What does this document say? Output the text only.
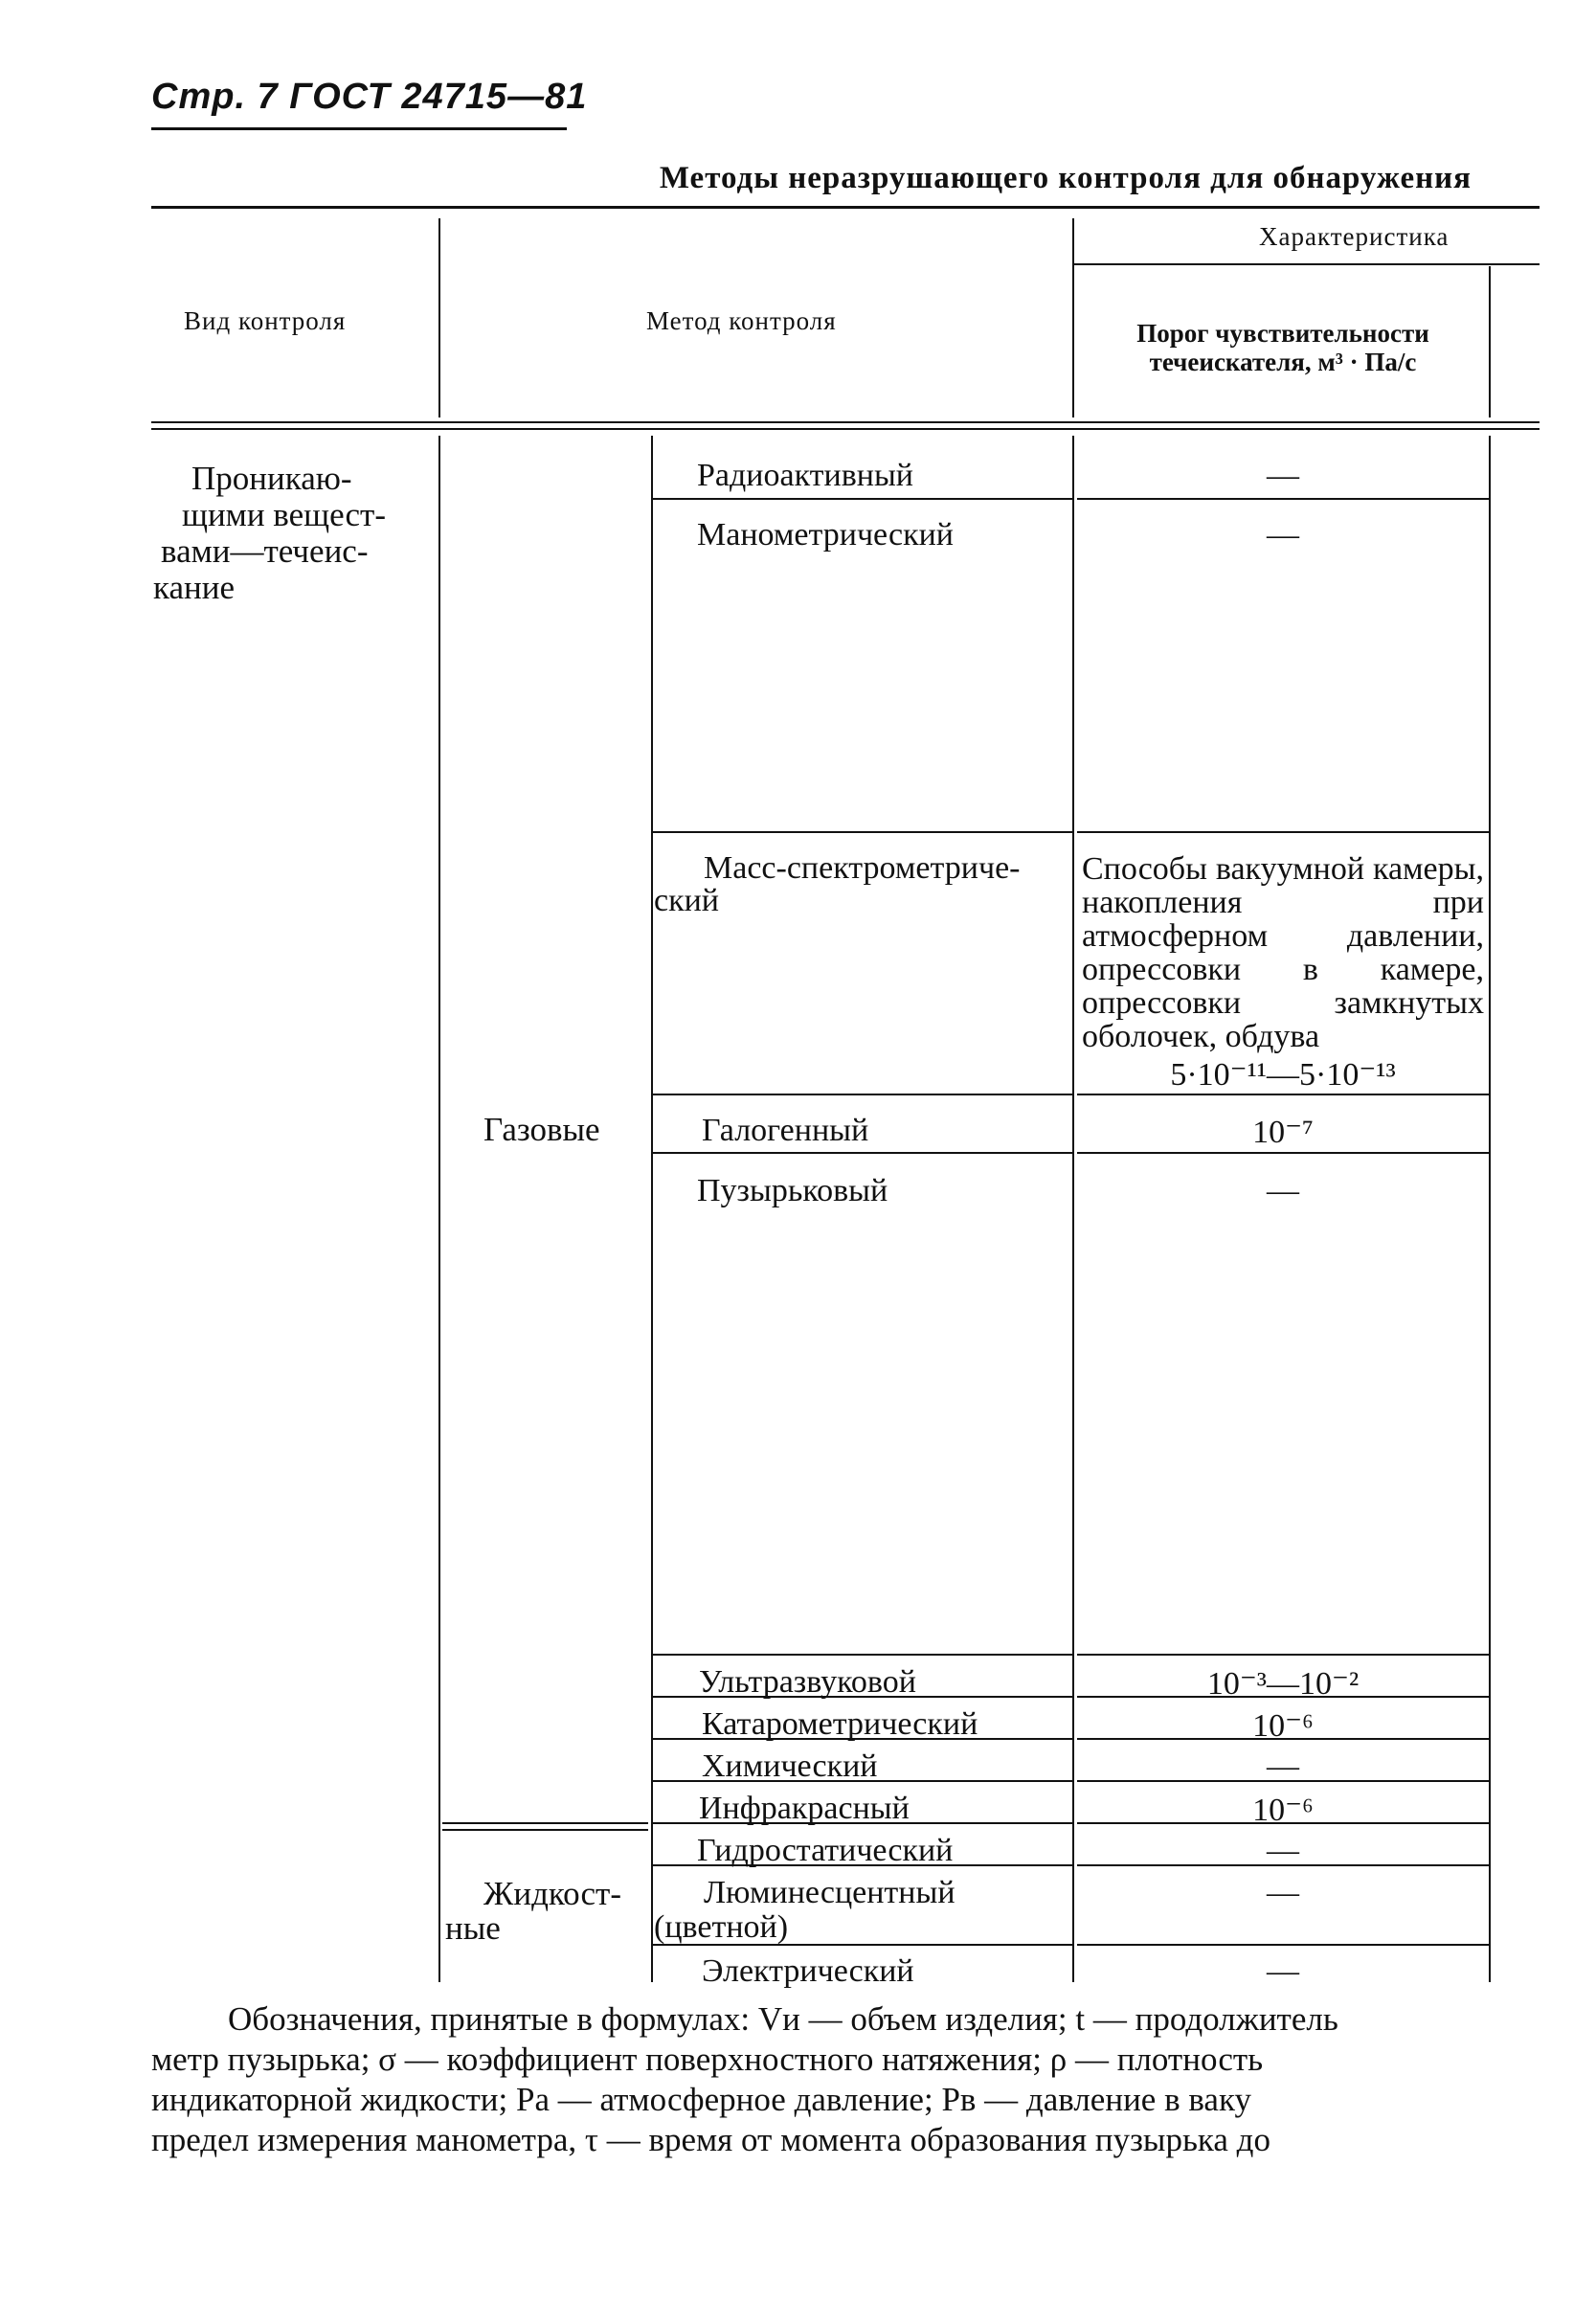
Стр. 7 ГОСТ 24715—81
Методы неразрушающего контроля для обнаружения
Вид контроля	Метод контроля
Характеристика
Порог чувствительности течеискателя, м³ · Па/с
Проникаю-
щими вещест-
вами—течеис-
кание
Газовые
Жидкост-
ные
Радиоактивный
Манометрический
Масс-спектрометриче-
ский
Галогенный
Пузырьковый
Ультразвуковой
Катарометрический
Химический
Инфракрасный
Гидростатический
Люминесцентный
(цветной)
Электрический
—
—
Способы вакуумной камеры, накопления при атмосферном давлении, опрессовки в камере, опрессовки замкнутых оболочек, обдува
5·10⁻¹¹—5·10⁻¹³
10⁻⁷
—
10⁻³—10⁻²
10⁻⁶
—
10⁻⁶
—
—
—
Обозначения, принятые в формулах: Vи — объем изделия; t — продолжитель
метр пузырька; σ — коэффициент поверхностного натяжения; ρ — плотность
индикаторной жидкости; Pа — атмосферное давление; Pв — давление в ваку
предел измерения манометра, τ — время от момента образования пузырька до
